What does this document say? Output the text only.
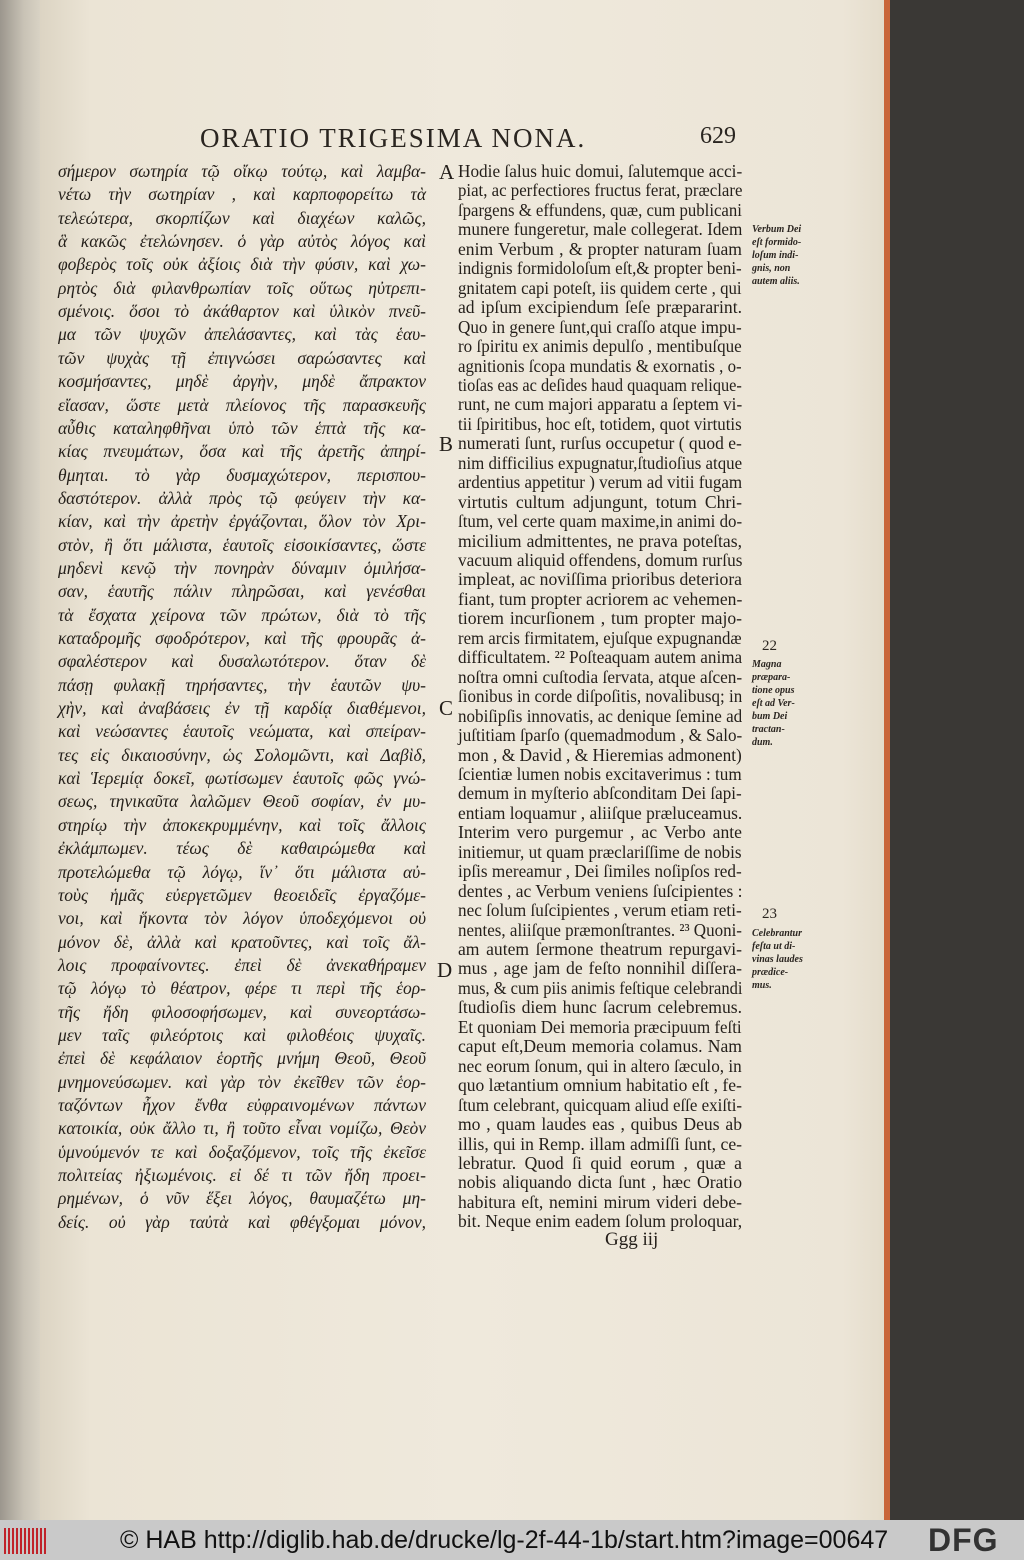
ORATIO TRIGESIMA NONA.	629
σήμερον σωτηρία τῷ οἴκῳ τούτῳ, καὶ λαμβα-
νέτω τὴν σωτηρίαν , καὶ καρποφορείτω τὰ
τελεώτερα, σκορπίζων καὶ διαχέων καλῶς,
ἃ κακῶς ἐτελώνησεν. ὁ γὰρ αὐτὸς λόγος καὶ
φοβερὸς τοῖς οὐκ ἀξίοις διὰ τὴν φύσιν, καὶ χω-
ρητὸς διὰ φιλανθρωπίαν τοῖς οὕτως ηὐτρεπι-
σμένοις. ὅσοι τὸ ἀκάθαρτον καὶ ὑλικὸν πνεῦ-
μα τῶν ψυχῶν ἀπελάσαντες, καὶ τὰς ἑαυ-
τῶν ψυχὰς τῇ ἐπιγνώσει σαρώσαντες καὶ
κοσμήσαντες, μηδὲ ἀργὴν, μηδὲ ἄπρακτον
εἴασαν, ὥστε μετὰ πλείονος τῆς παρασκευῆς
αὖθις καταληφθῆναι ὑπὸ τῶν ἑπτὰ τῆς κα-
κίας πνευμάτων, ὅσα καὶ τῆς ἀρετῆς ἀπηρί-
θμηται. τὸ γὰρ δυσμαχώτερον, περισπου-
δαστότερον. ἀλλὰ πρὸς τῷ φεύγειν τὴν κα-
κίαν, καὶ τὴν ἀρετὴν ἐργάζονται, ὅλον τὸν Χρι-
στὸν, ἢ ὅτι μάλιστα, ἑαυτοῖς εἰσοικίσαντες, ὥστε
μηδενὶ κενῷ τὴν πονηρὰν δύναμιν ὁμιλήσα-
σαν, ἑαυτῆς πάλιν πληρῶσαι, καὶ γενέσθαι
τὰ ἔσχατα χείρονα τῶν πρώτων, διὰ τὸ τῆς
καταδρομῆς σφοδρότερον, καὶ τῆς φρουρᾶς ἀ-
σφαλέστερον καὶ δυσαλωτότερον. ὅταν δὲ
πάσῃ φυλακῇ τηρήσαντες, τὴν ἑαυτῶν ψυ-
χὴν, καὶ ἀναβάσεις ἐν τῇ καρδίᾳ διαθέμενοι,
καὶ νεώσαντες ἑαυτοῖς νεώματα, καὶ σπείραν-
τες εἰς δικαιοσύνην, ὡς Σολομῶντι, καὶ Δαβὶδ,
καὶ Ἱερεμίᾳ δοκεῖ, φωτίσωμεν ἑαυτοῖς φῶς γνώ-
σεως, τηνικαῦτα λαλῶμεν Θεοῦ σοφίαν, ἐν μυ-
στηρίῳ τὴν ἀποκεκρυμμένην, καὶ τοῖς ἄλλοις
ἐκλάμπωμεν. τέως δὲ καθαιρώμεθα καὶ
προτελώμεθα τῷ λόγῳ, ἵν᾽ ὅτι μάλιστα αὐ-
τοὺς ἡμᾶς εὐεργετῶμεν θεοειδεῖς ἐργαζόμε-
νοι, καὶ ἥκοντα τὸν λόγον ὑποδεχόμενοι οὐ
μόνον δὲ, ἀλλὰ καὶ κρατοῦντες, καὶ τοῖς ἄλ-
λοις προφαίνοντες. ἐπεὶ δὲ ἀνεκαθήραμεν
τῷ λόγῳ τὸ θέατρον, φέρε τι περὶ τῆς ἑορ-
τῆς ἤδη φιλοσοφήσωμεν, καὶ συνεορτάσω-
μεν ταῖς φιλεόρτοις καὶ φιλοθέοις ψυχαῖς.
ἐπεὶ δὲ κεφάλαιον ἑορτῆς μνήμη Θεοῦ, Θεοῦ
μνημονεύσωμεν. καὶ γὰρ τὸν ἐκεῖθεν τῶν ἑορ-
ταζόντων ἦχον ἔνθα εὐφραινομένων πάντων
κατοικία, οὐκ ἄλλο τι, ἢ τοῦτο εἶναι νομίζω, Θεὸν
ὑμνούμενόν τε καὶ δοξαζόμενον, τοῖς τῆς ἐκεῖσε
πολιτείας ἠξιωμένοις. εἰ δέ τι τῶν ἤδη προει-
ρημένων, ὁ νῦν ἕξει λόγος, θαυμαζέτω μη-
δείς. οὐ γὰρ ταὐτὰ καὶ φθέγξομαι μόνον,
Hodie ſalus huic domui, ſalutemque acci-
piat, ac perfectiores fructus ferat, præclare
ſpargens & effundens, quæ, cum publicani
munere fungeretur, male collegerat. Idem
enim Verbum , & propter naturam ſuam
indignis formidoloſum eſt,& propter beni-
gnitatem capi poteſt, iis quidem certe , qui
ad ipſum excipiendum ſeſe præpararint.
Quo in genere ſunt,qui craſſo atque impu-
ro ſpiritu ex animis depulſo , mentibuſque
agnitionis ſcopa mundatis & exornatis , o-
tioſas eas ac deſides haud quaquam relique-
runt, ne cum majori apparatu a ſeptem vi-
tii ſpiritibus, hoc eſt, totidem, quot virtutis
numerati ſunt, rurſus occupetur ( quod e-
nim difficilius expugnatur,ſtudioſius atque
ardentius appetitur ) verum ad vitii fugam
virtutis cultum adjungunt, totum Chri-
ſtum, vel certe quam maxime,in animi do-
micilium admittentes, ne prava poteſtas,
vacuum aliquid offendens, domum rurſus
impleat, ac noviſſima prioribus deteriora
fiant, tum propter acriorem ac vehemen-
tiorem incurſionem , tum propter majo-
rem arcis firmitatem, ejuſque expugnandæ
difficultatem. ²² Poſteaquam autem anima
noſtra omni cuſtodia ſervata, atque aſcen-
ſionibus in corde diſpoſitis, novalibusq; in
nobiſipſis innovatis, ac denique ſemine ad
juſtitiam ſparſo (quemadmodum , & Salo-
mon , & David , & Hieremias admonent)
ſcientiæ lumen nobis excitaverimus : tum
demum in myſterio abſconditam Dei ſapi-
entiam loquamur , aliiſque præluceamus.
Interim vero purgemur , ac Verbo ante
initiemur, ut quam præclariſſime de nobis
ipſis mereamur , Dei ſimiles noſipſos red-
dentes , ac Verbum veniens ſuſcipientes :
nec ſolum ſuſcipientes , verum etiam reti-
nentes, aliiſque præmonſtrantes. ²³ Quoni-
am autem ſermone theatrum repurgavi-
mus , age jam de feſto nonnihil diſſera-
mus, & cum piis animis feſtique celebrandi
ſtudioſis diem hunc ſacrum celebremus.
Et quoniam Dei memoria præcipuum feſti
caput eſt,Deum memoria colamus. Nam
nec eorum ſonum, qui in altero ſæculo, in
quo lætantium omnium habitatio eſt , fe-
ſtum celebrant, quicquam aliud eſſe exiſti-
mo , quam laudes eas , quibus Deus ab
illis, qui in Remp. illam admiſſi ſunt, ce-
lebratur. Quod ſi quid eorum , quæ a
nobis aliquando dicta ſunt , hæc Oratio
habitura eſt, nemini mirum videri debe-
bit. Neque enim eadem ſolum proloquar,
A
B
C
D
Verbum Dei
eſt formido-
loſum indi-
gnis, non
autem aliis.
22
Magna
præpara-
tione opus
eſt ad Ver-
bum Dei
tractan-
dum.
23
Celebrantur
feſta ut di-
vinas laudes
prædice-
mus.
Ggg iij
© HAB http://diglib.hab.de/drucke/lg-2f-44-1b/start.htm?image=00647 DFG
